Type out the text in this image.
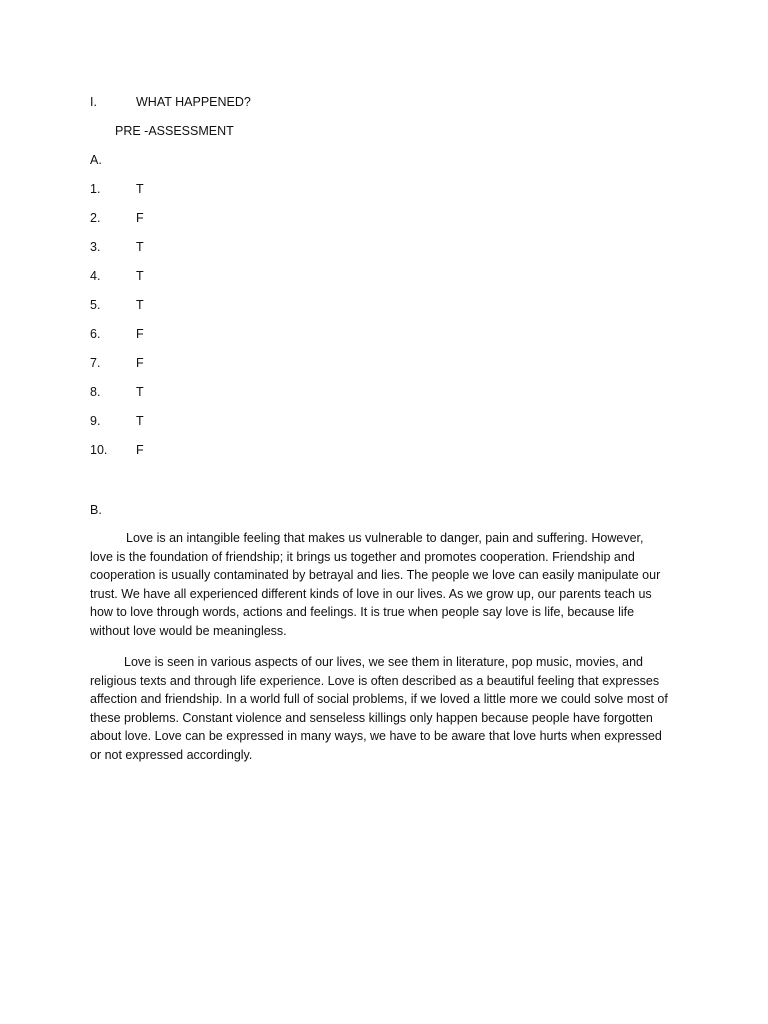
I.	WHAT HAPPENED?
PRE -ASSESSMENT
A.
1.	T
2.	F
3.	T
4.	T
5.	T
6.	F
7.	F
8.	T
9.	T
10. F
B.

Love is an intangible feeling that makes us vulnerable to danger, pain and suffering. However, love is the foundation of friendship; it brings us together and promotes cooperation. Friendship and cooperation is usually contaminated by betrayal and lies. The people we love can easily manipulate our trust. We have all experienced different kinds of love in our lives. As we grow up, our parents teach us how to love through words, actions and feelings. It is true when people say love is life, because life without love would be meaningless.

Love is seen in various aspects of our lives, we see them in literature, pop music, movies, and religious texts and through life experience. Love is often described as a beautiful feeling that expresses affection and friendship. In a world full of social problems, if we loved a little more we could solve most of these problems. Constant violence and senseless killings only happen because people have forgotten about love. Love can be expressed in many ways, we have to be aware that love hurts when expressed or not expressed accordingly.
